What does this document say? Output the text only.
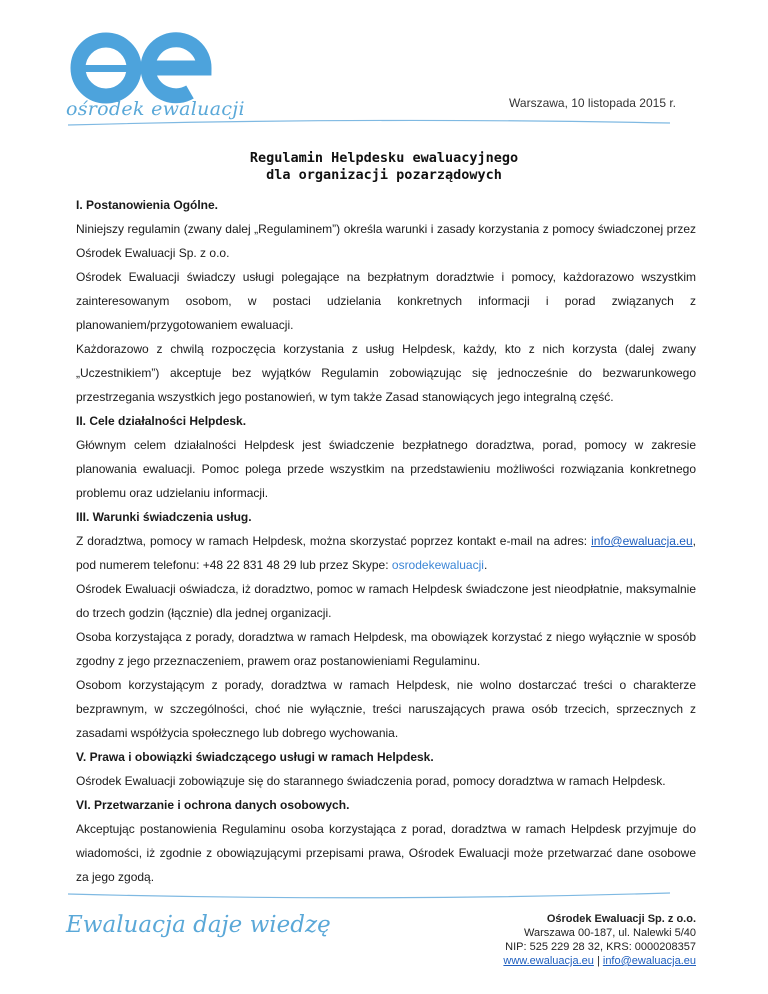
ośrodek ewaluacji	Warszawa, 10 listopada 2015 r.
Regulamin Helpdesku ewaluacyjnego
dla organizacji pozarządowych
I. Postanowienia Ogólne.

Niniejszy regulamin (zwany dalej „Regulaminem”) określa warunki i zasady korzystania z pomocy świadczonej przez Ośrodek Ewaluacji Sp. z o.o.

Ośrodek Ewaluacji świadczy usługi polegające na bezpłatnym doradztwie i pomocy, każdorazowo wszystkim zainteresowanym osobom, w postaci udzielania konkretnych informacji i porad związanych z planowaniem/przygotowaniem ewaluacji.

Każdorazowo z chwilą rozpoczęcia korzystania z usług Helpdesk, każdy, kto z nich korzysta (dalej zwany „Uczestnikiem”) akceptuje bez wyjątków Regulamin zobowiązując się jednocześnie do bezwarunkowego przestrzegania wszystkich jego postanowień, w tym także Zasad stanowiących jego integralną część.

II. Cele działalności Helpdesk.

Głównym celem działalności Helpdesk jest świadczenie bezpłatnego doradztwa, porad, pomocy w zakresie planowania ewaluacji. Pomoc polega przede wszystkim na przedstawieniu możliwości rozwiązania konkretnego problemu oraz udzielaniu informacji.

III. Warunki świadczenia usług.

Z doradztwa, pomocy w ramach Helpdesk, można skorzystać poprzez kontakt e-mail na adres: info@ewaluacja.eu, pod numerem telefonu: +48 22 831 48 29 lub przez Skype: osrodekewaluacji.

Ośrodek Ewaluacji oświadcza, iż doradztwo, pomoc w ramach Helpdesk świadczone jest nieodpłatnie, maksymalnie do trzech godzin (łącznie) dla jednej organizacji.

Osoba korzystająca z porady, doradztwa w ramach Helpdesk, ma obowiązek korzystać z niego wyłącznie w sposób zgodny z jego przeznaczeniem, prawem oraz postanowieniami Regulaminu.

Osobom korzystającym z porady, doradztwa w ramach Helpdesk, nie wolno dostarczać treści o charakterze bezprawnym, w szczególności, choć nie wyłącznie, treści naruszających prawa osób trzecich, sprzecznych z zasadami współżycia społecznego lub dobrego wychowania.

V. Prawa i obowiązki świadczącego usługi w ramach Helpdesk.

Ośrodek Ewaluacji zobowiązuje się do starannego świadczenia porad, pomocy doradztwa w ramach Helpdesk.

VI. Przetwarzanie i ochrona danych osobowych.

Akceptując postanowienia Regulaminu osoba korzystająca z porad, doradztwa w ramach Helpdesk przyjmuje do wiadomości, iż zgodnie z obowiązującymi przepisami prawa, Ośrodek Ewaluacji może przetwarzać dane osobowe za jego zgodą.

Ewaluacja daje wiedzę	Ośrodek Ewaluacji Sp. z o.o.
Warszawa 00-187, ul. Nalewki 5/40
NIP: 525 229 28 32, KRS: 0000208357
www.ewaluacja.eu | info@ewaluacja.eu
